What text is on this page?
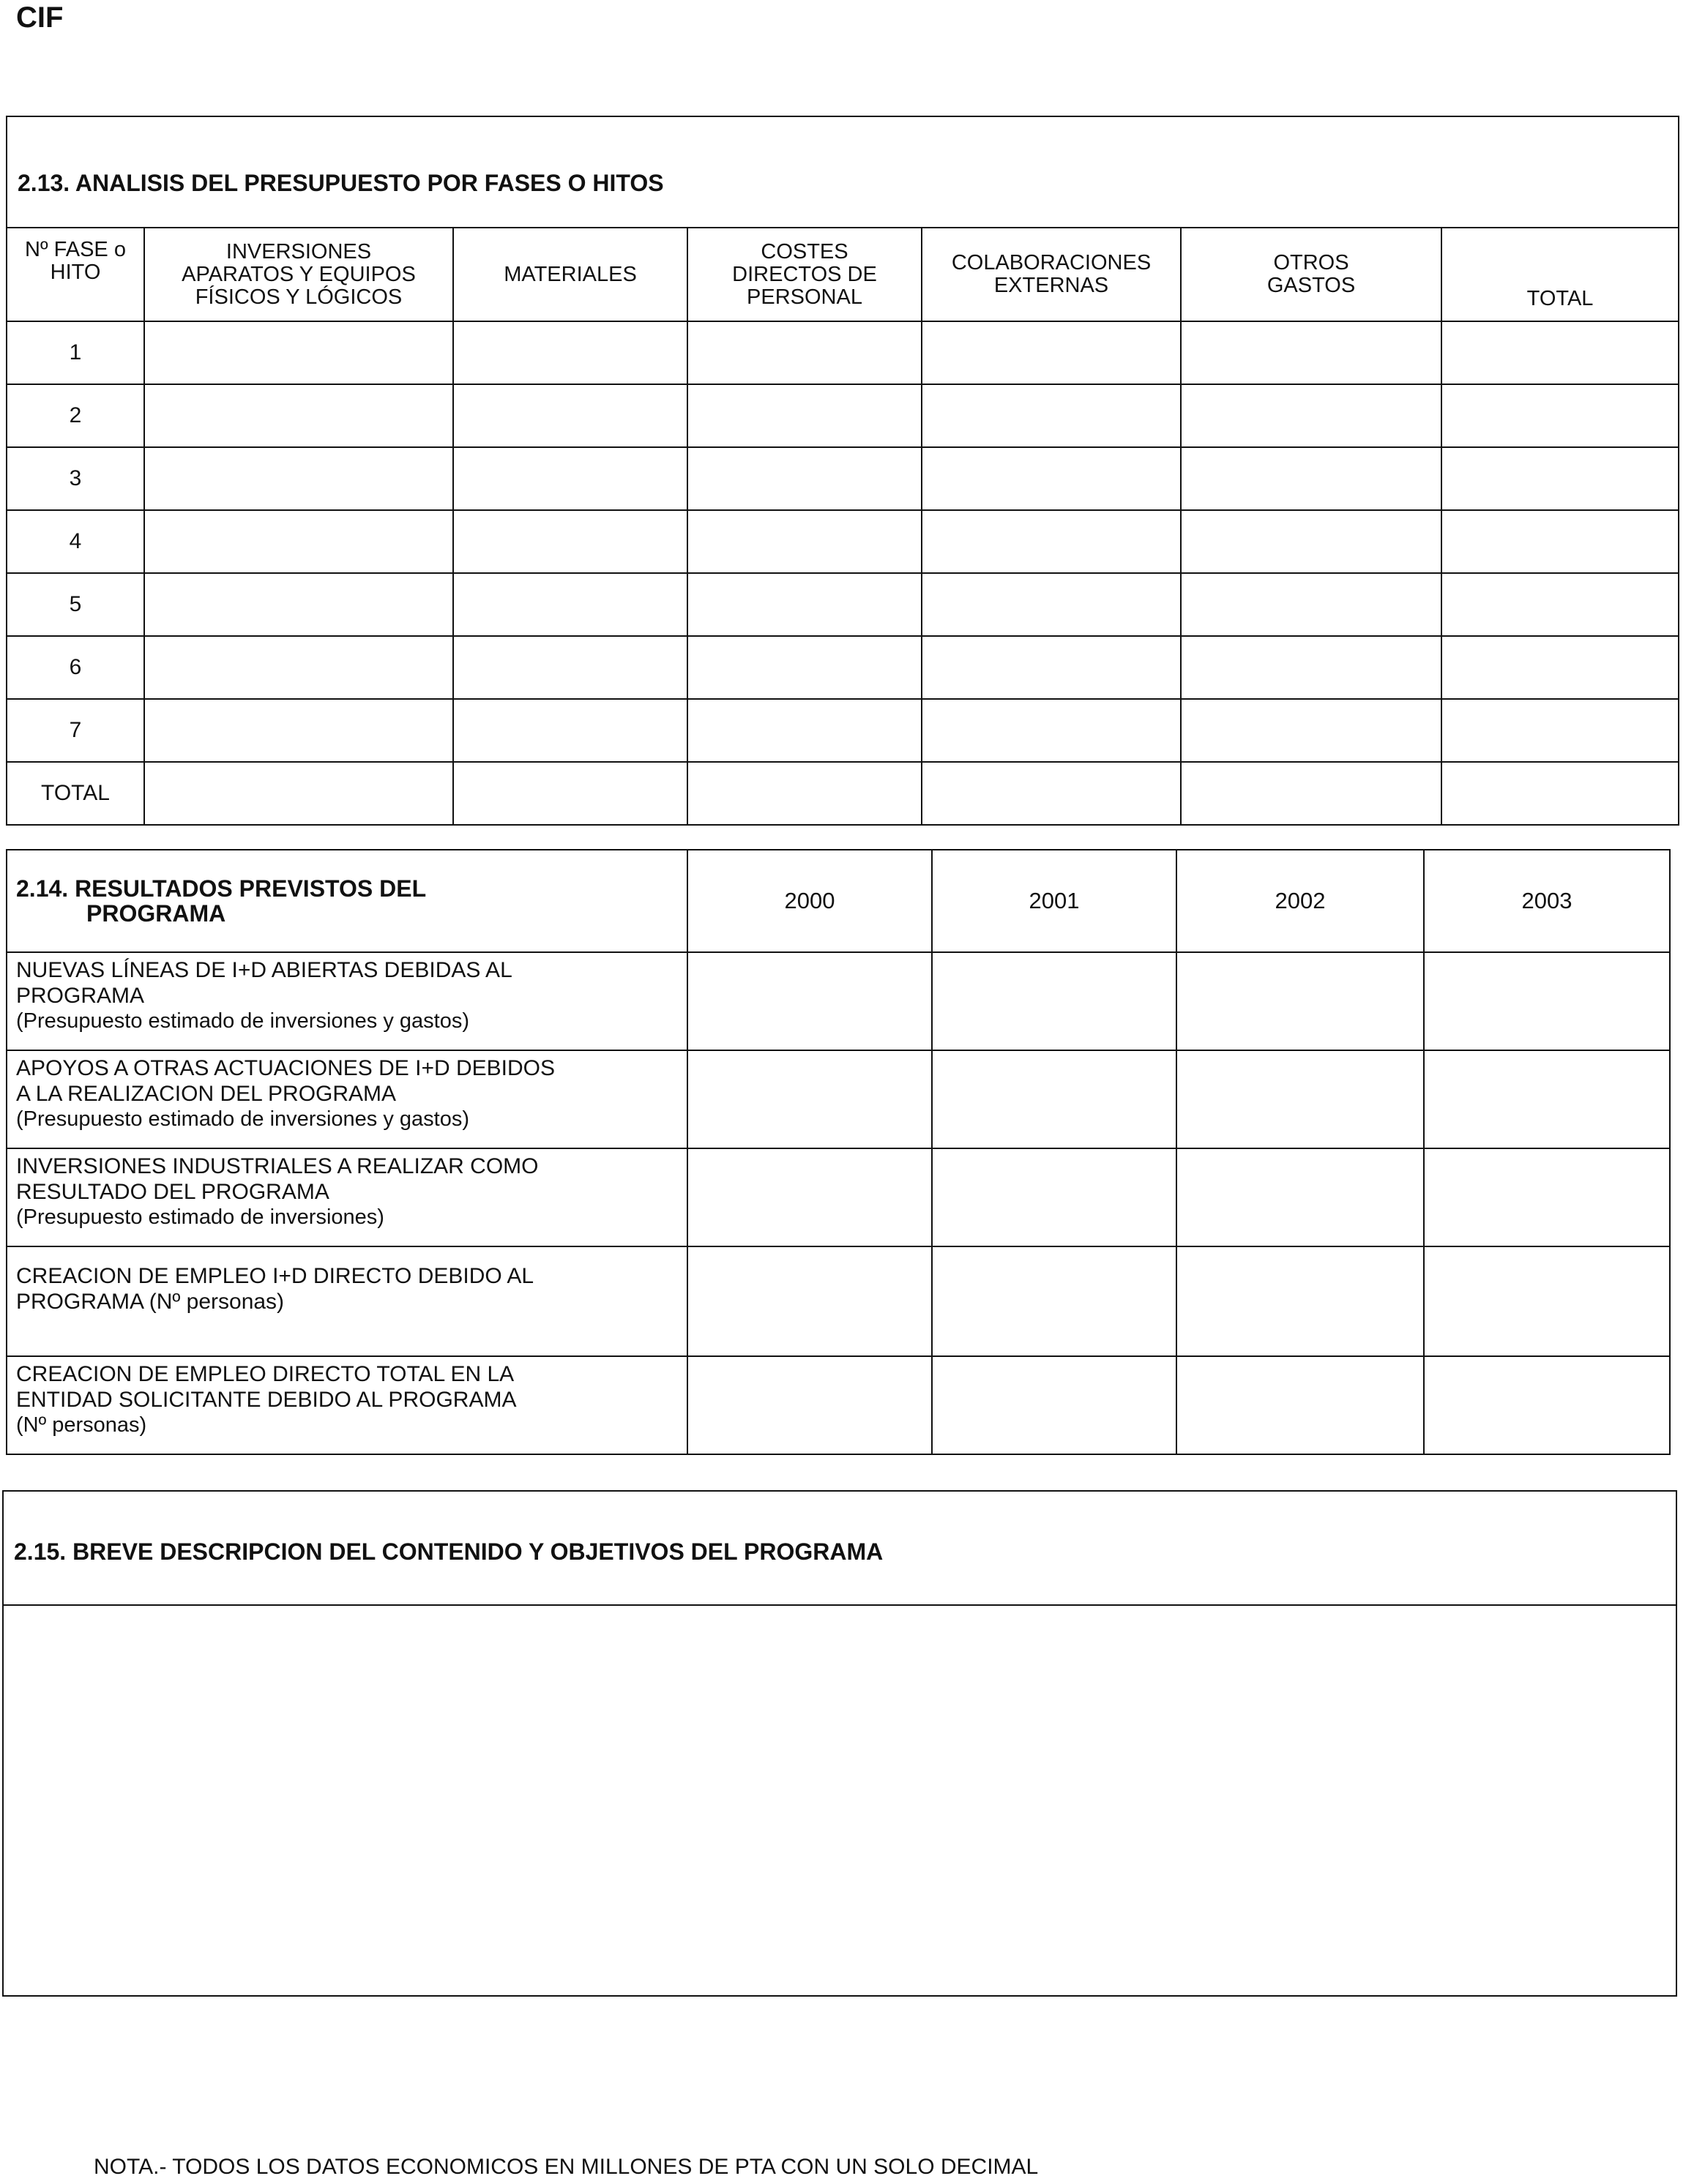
CIF
2.13. ANALISIS DEL PRESUPUESTO POR FASES O HITOS						

Nº FASE o
HITO	INVERSIONES
APARATOS Y EQUIPOS
FÍSICOS Y LÓGICOS	MATERIALES	COSTES
DIRECTOS DE
PERSONAL	COLABORACIONES
EXTERNAS	OTROS
GASTOS	TOTAL

1						
2						
3						
4						
5						
6						
7						
TOTAL						
2.14. RESULTADOS PREVISTOS DEL
PROGRAMA	2000	2001	2002	2003

NUEVAS LÍNEAS DE I+D ABIERTAS DEBIDAS AL
PROGRAMA
(Presupuesto estimado de inversiones y gastos)				

APOYOS A OTRAS ACTUACIONES DE I+D DEBIDOS
A LA REALIZACION DEL PROGRAMA
(Presupuesto estimado de inversiones y gastos)				

INVERSIONES INDUSTRIALES A REALIZAR COMO
RESULTADO DEL PROGRAMA
(Presupuesto estimado de inversiones)				

CREACION DE EMPLEO I+D DIRECTO DEBIDO AL
PROGRAMA (Nº personas)				

CREACION DE EMPLEO DIRECTO TOTAL EN LA
ENTIDAD SOLICITANTE DEBIDO AL PROGRAMA
(Nº personas)				

2.15. BREVE DESCRIPCION DEL CONTENIDO Y OBJETIVOS DEL PROGRAMA

NOTA.- TODOS LOS DATOS ECONOMICOS EN MILLONES DE PTA CON UN SOLO DECIMAL
